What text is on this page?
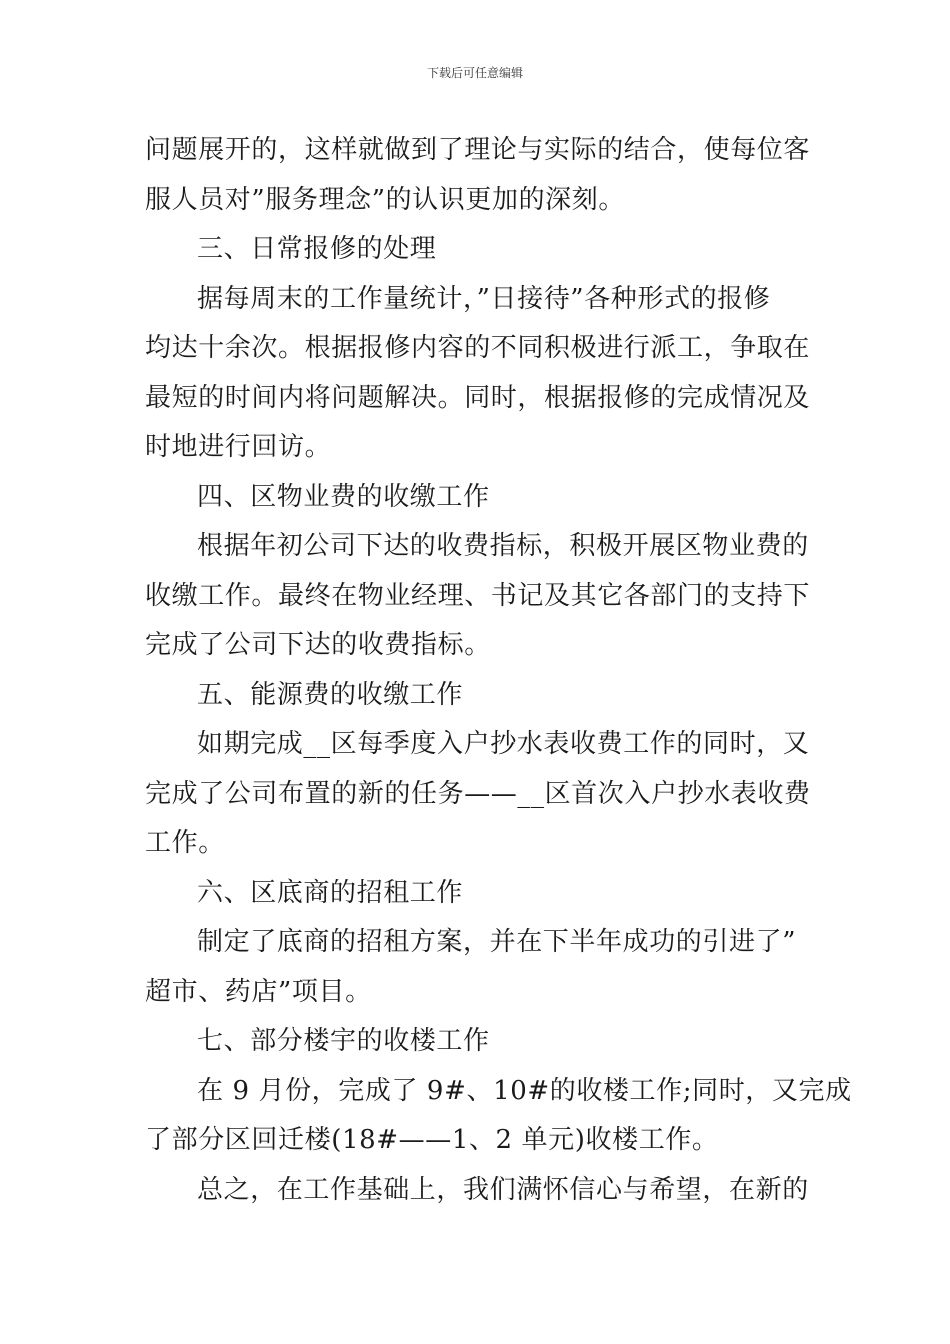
下载后可任意编辑
问题展开的，这样就做到了理论与实际的结合，使每位客
服人员对”服务理念”的认识更加的深刻。
三、日常报修的处理
据每周末的工作量统计，”日接待”各种形式的报修
均达十余次。根据报修内容的不同积极进行派工，争取在
最短的时间内将问题解决。同时，根据报修的完成情况及
时地进行回访。
四、区物业费的收缴工作
根据年初公司下达的收费指标，积极开展区物业费的
收缴工作。最终在物业经理、书记及其它各部门的支持下
完成了公司下达的收费指标。
五、能源费的收缴工作
如期完成__区每季度入户抄水表收费工作的同时，又
完成了公司布置的新的任务——__区首次入户抄水表收费
工作。
六、区底商的招租工作
制定了底商的招租方案，并在下半年成功的引进了”
超市、药店”项目。
七、部分楼宇的收楼工作
在 9 月份，完成了 9#、10#的收楼工作;同时，又完成
了部分区回迁楼(18#——1、2 单元)收楼工作。
总之，在工作基础上，我们满怀信心与希望，在新的
